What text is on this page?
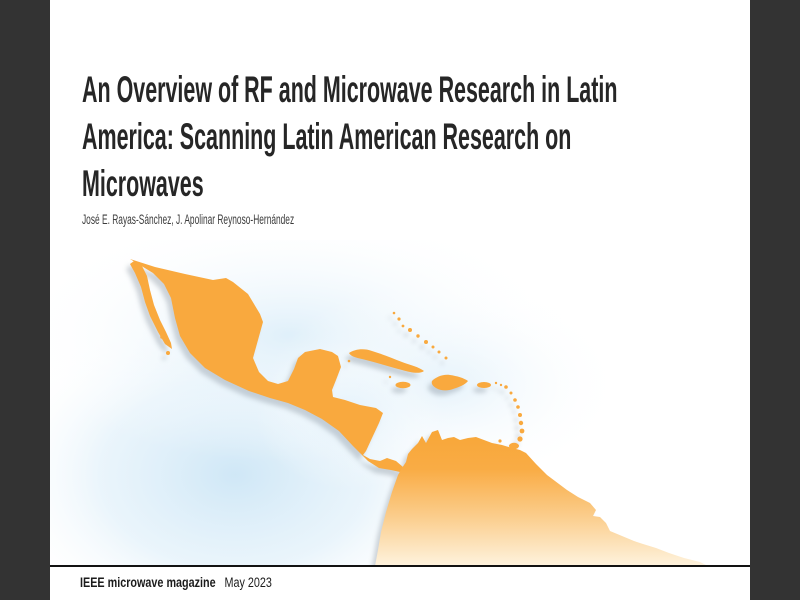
An Overview of RF and Microwave Research in Latin
America: Scanning Latin American Research on
Microwaves
José E. Rayas-Sánchez, J. Apolinar Reynoso-Hernández
IEEE microwave magazine May 2023
